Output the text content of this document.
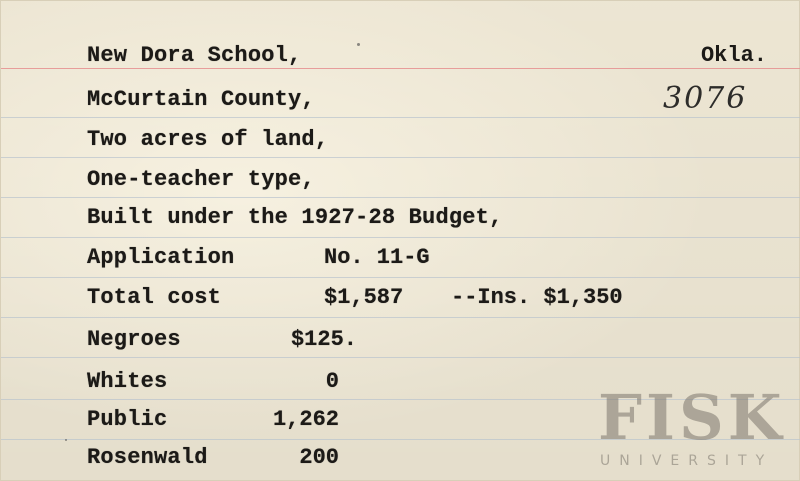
New Dora School,	Okla.
3076
McCurtain County,
Two acres of land,
One-teacher type,
Built under the 1927-28 Budget,
Application	No. 11-G
Total cost	$1,587 --Ins. $1,350
Negroes	$125.
Whites	0
Public	1,262
Rosenwald	200
FISK
UNIVERSITY
